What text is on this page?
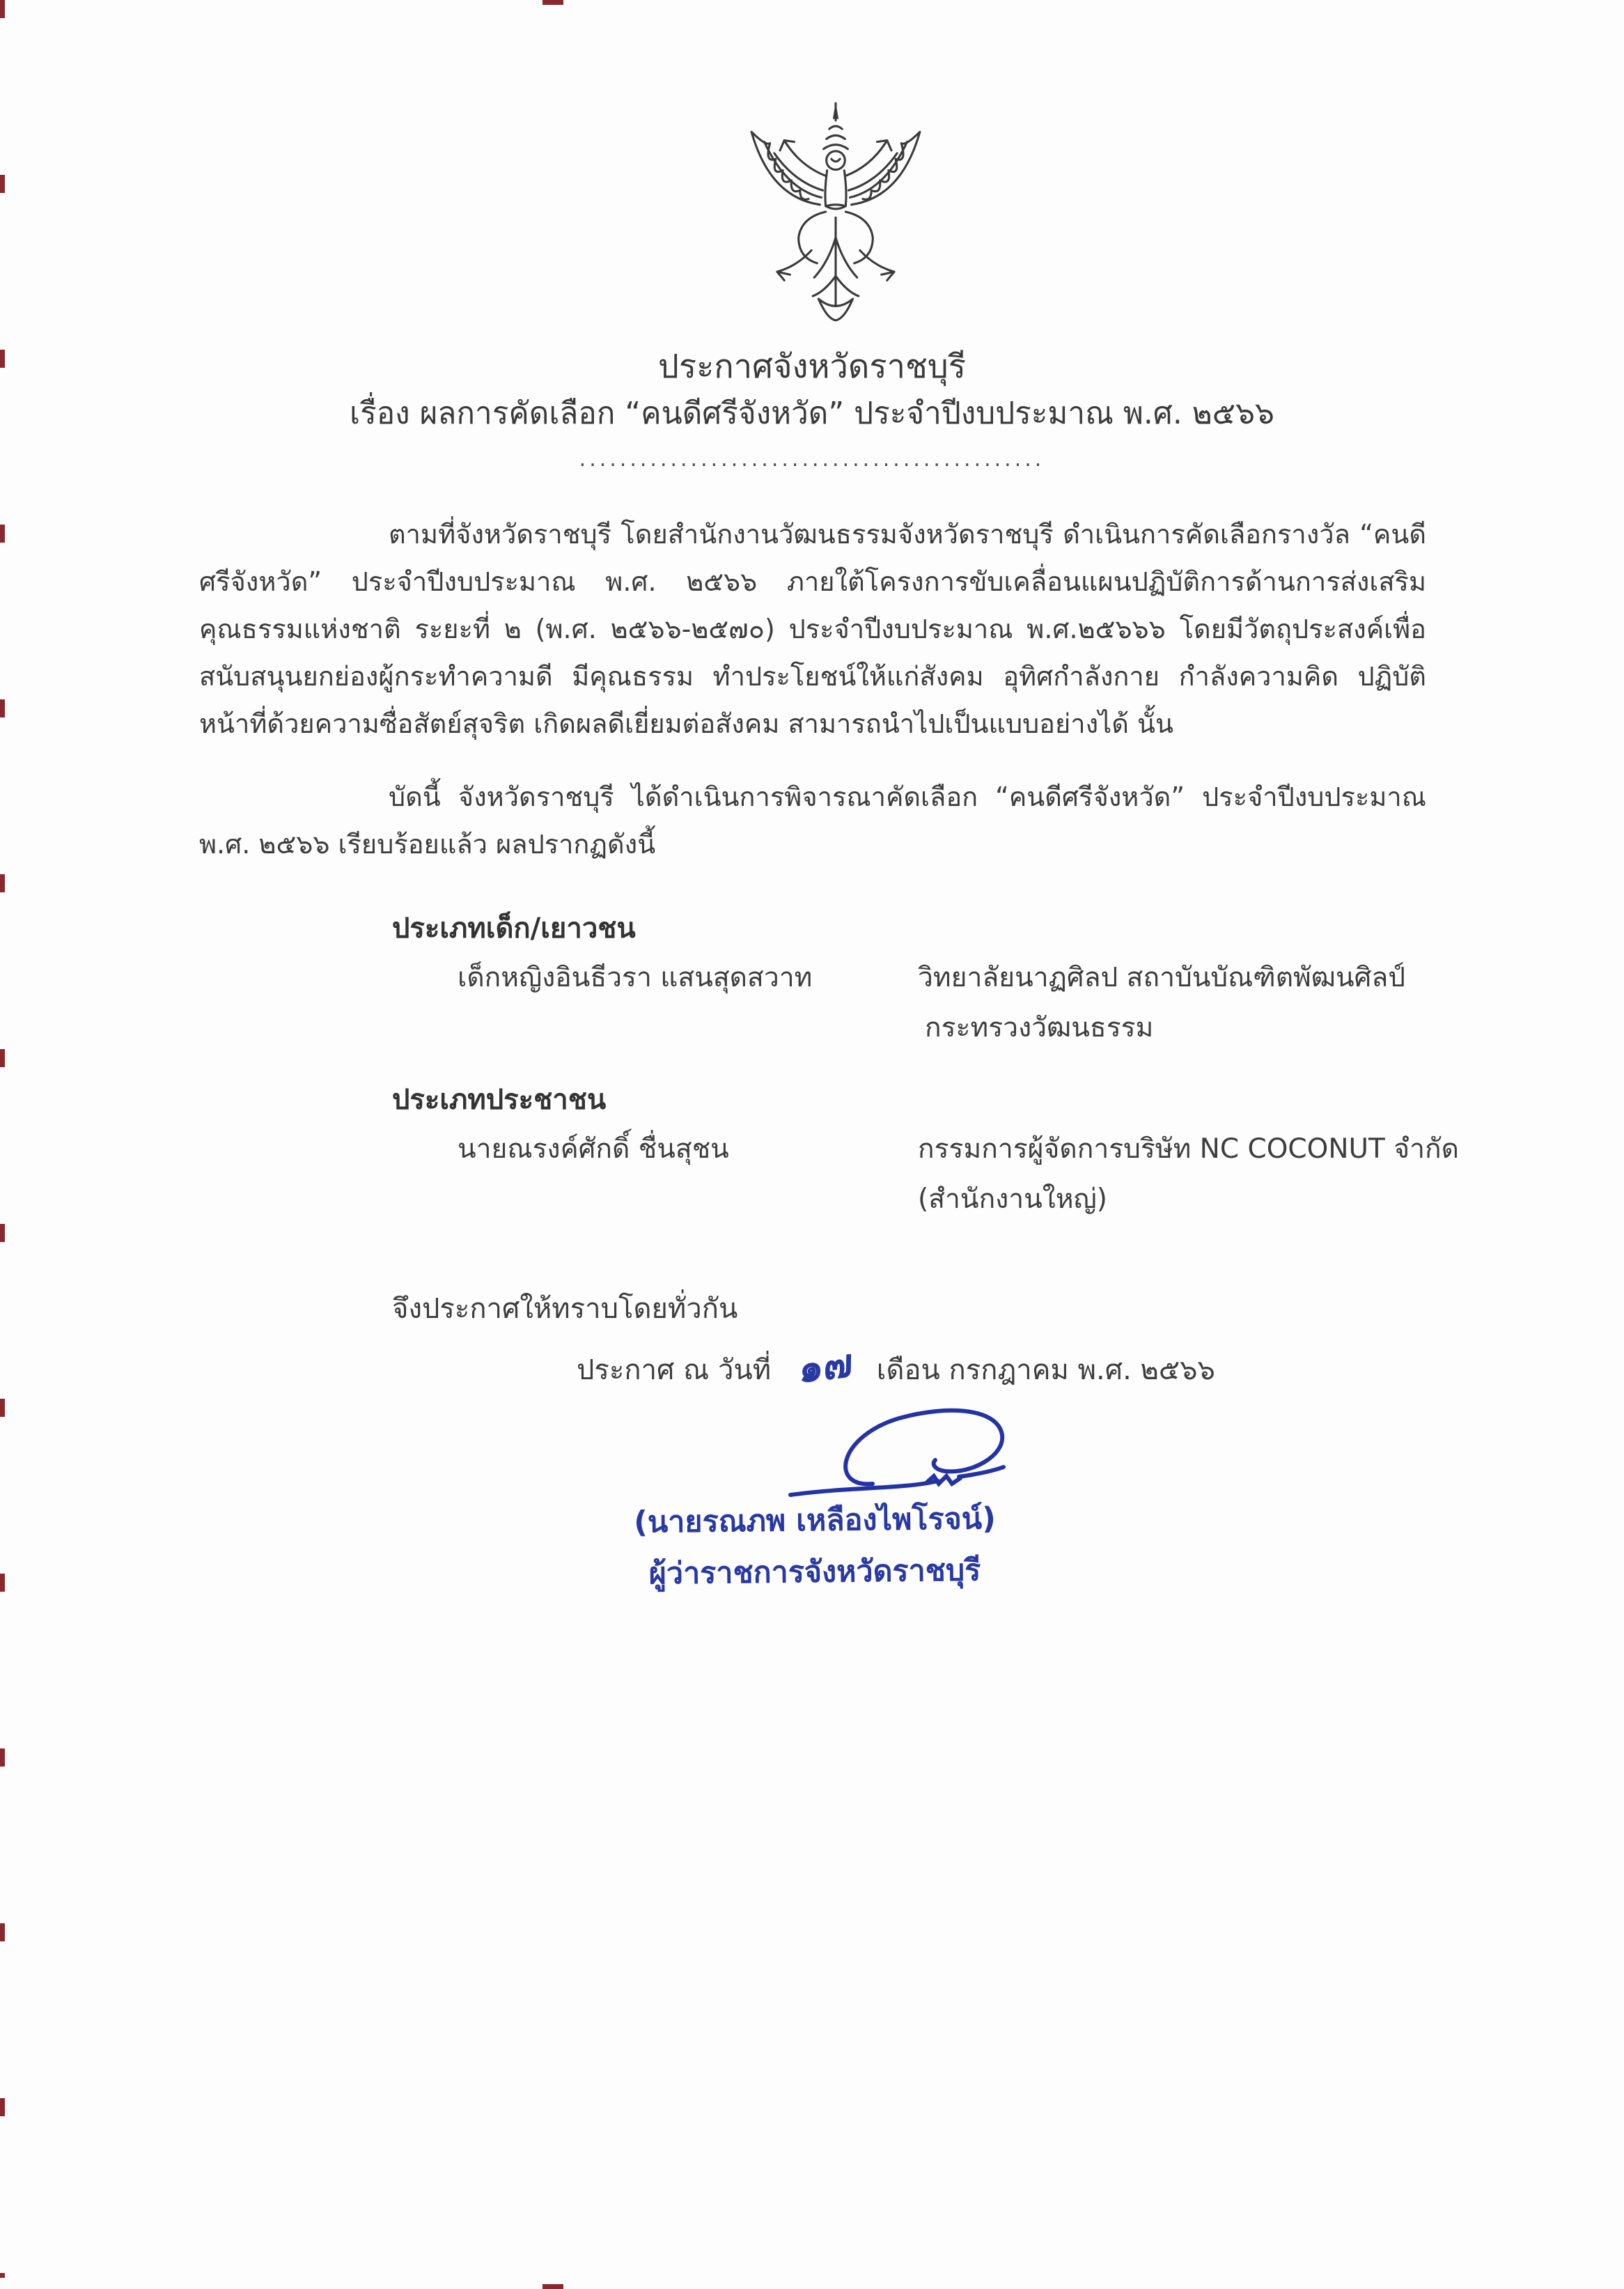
ประกาศจังหวัดราชบุรี
เรื่อง ผลการคัดเลือก “คนดีศรีจังหวัด” ประจำปีงบประมาณ พ.ศ. ๒๕๖๖
..............................................
ตามที่จังหวัดราชบุรี โดยสำนักงานวัฒนธรรมจังหวัดราชบุรี ดำเนินการคัดเลือกรางวัล “คนดีศรีจังหวัด” ประจำปีงบประมาณ พ.ศ. ๒๕๖๖ ภายใต้โครงการขับเคลื่อนแผนปฏิบัติการด้านการส่งเสริมคุณธรรมแห่งชาติ ระยะที่ ๒ (พ.ศ. ๒๕๖๖-๒๕๗๐) ประจำปีงบประมาณ พ.ศ.๒๕๖๖๖ โดยมีวัตถุประสงค์เพื่อสนับสนุนยกย่องผู้กระทำความดี มีคุณธรรม ทำประโยชน์ให้แก่สังคม อุทิศกำลังกาย กำลังความคิด ปฏิบัติหน้าที่ด้วยความซื่อสัตย์สุจริต เกิดผลดีเยี่ยมต่อสังคม สามารถนำไปเป็นแบบอย่างได้ นั้น
บัดนี้ จังหวัดราชบุรี ได้ดำเนินการพิจารณาคัดเลือก “คนดีศรีจังหวัด” ประจำปีงบประมาณ พ.ศ. ๒๕๖๖ เรียบร้อยแล้ว ผลปรากฏดังนี้
ประเภทเด็ก/เยาวชน
เด็กหญิงอินธีวรา แสนสุดสวาท	วิทยาลัยนาฏศิลป สถาบันบัณฑิตพัฒนศิลป์
กระทรวงวัฒนธรรม
ประเภทประชาชน
นายณรงค์ศักดิ์ ชื่นสุชน	กรรมการผู้จัดการบริษัท NC COCONUT จำกัด
(สำนักงานใหญ่)
จึงประกาศให้ทราบโดยทั่วกัน
ประกาศ ณ วันที่ ๑๗ เดือน กรกฎาคม พ.ศ. ๒๕๖๖
(นายรณภพ เหลืองไพโรจน์)
ผู้ว่าราชการจังหวัดราชบุรี
